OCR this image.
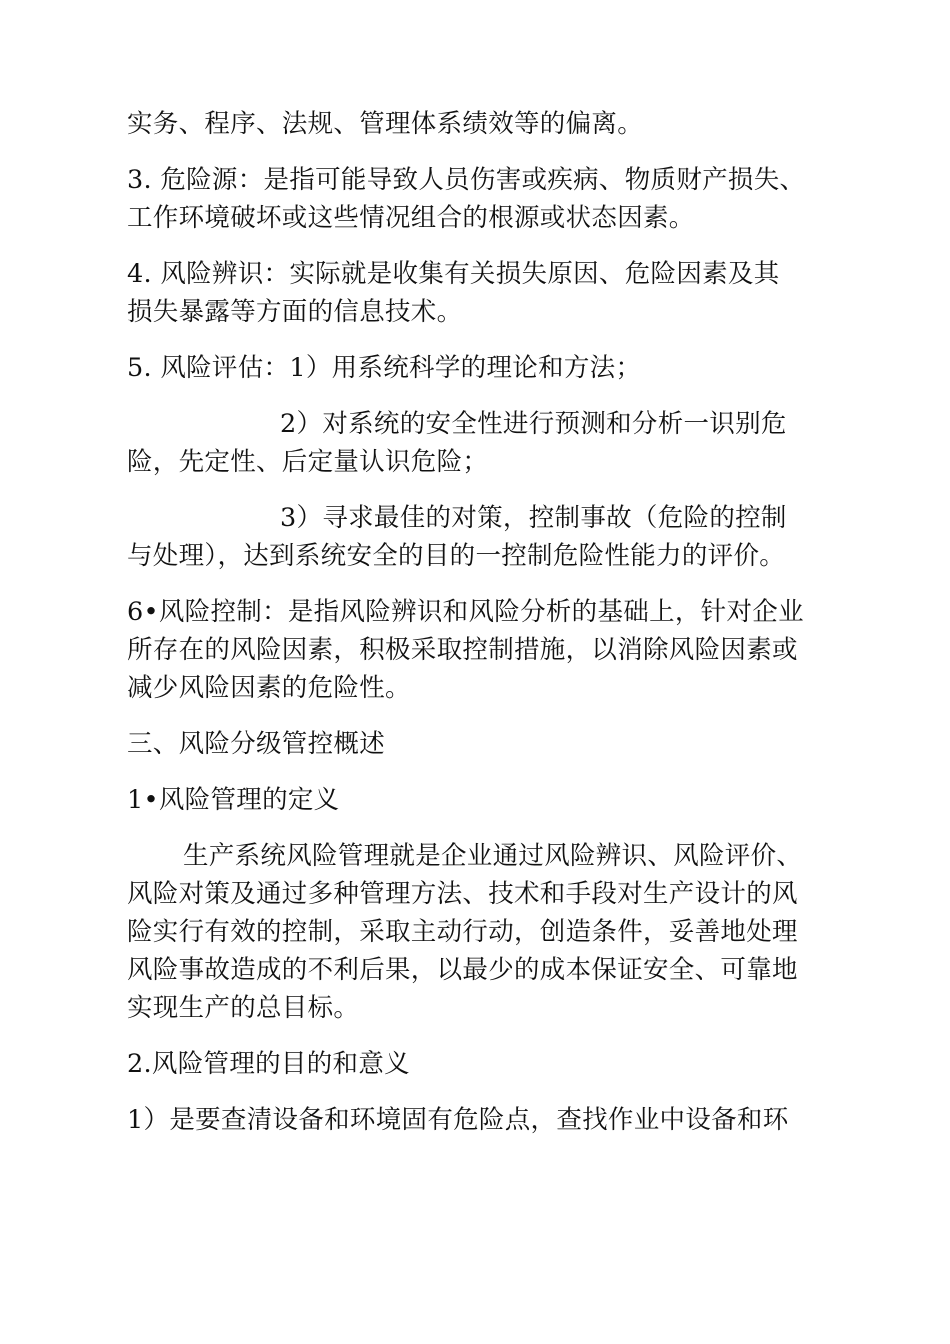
实务、程序、法规、管理体系绩效等的偏离。
3. 危险源：是指可能导致人员伤害或疾病、物质财产损失、
工作环境破坏或这些情况组合的根源或状态因素。
4. 风险辨识：实际就是收集有关损失原因、危险因素及其
损失暴露等方面的信息技术。
5. 风险评估：1）用系统科学的理论和方法；
2）对系统的安全性进行预测和分析一识别危
险，先定性、后定量认识危险；
3）寻求最佳的对策，控制事故（危险的控制
与处理），达到系统安全的目的一控制危险性能力的评价。
6•风险控制：是指风险辨识和风险分析的基础上，针对企业
所存在的风险因素，积极采取控制措施，以消除风险因素或
减少风险因素的危险性。
三、风险分级管控概述
1•风险管理的定义
生产系统风险管理就是企业通过风险辨识、风险评价、
风险对策及通过多种管理方法、技术和手段对生产设计的风
险实行有效的控制，采取主动行动，创造条件，妥善地处理
风险事故造成的不利后果，以最少的成本保证安全、可靠地
实现生产的总目标。
2.风险管理的目的和意义
1）是要查清设备和环境固有危险点，查找作业中设备和环
